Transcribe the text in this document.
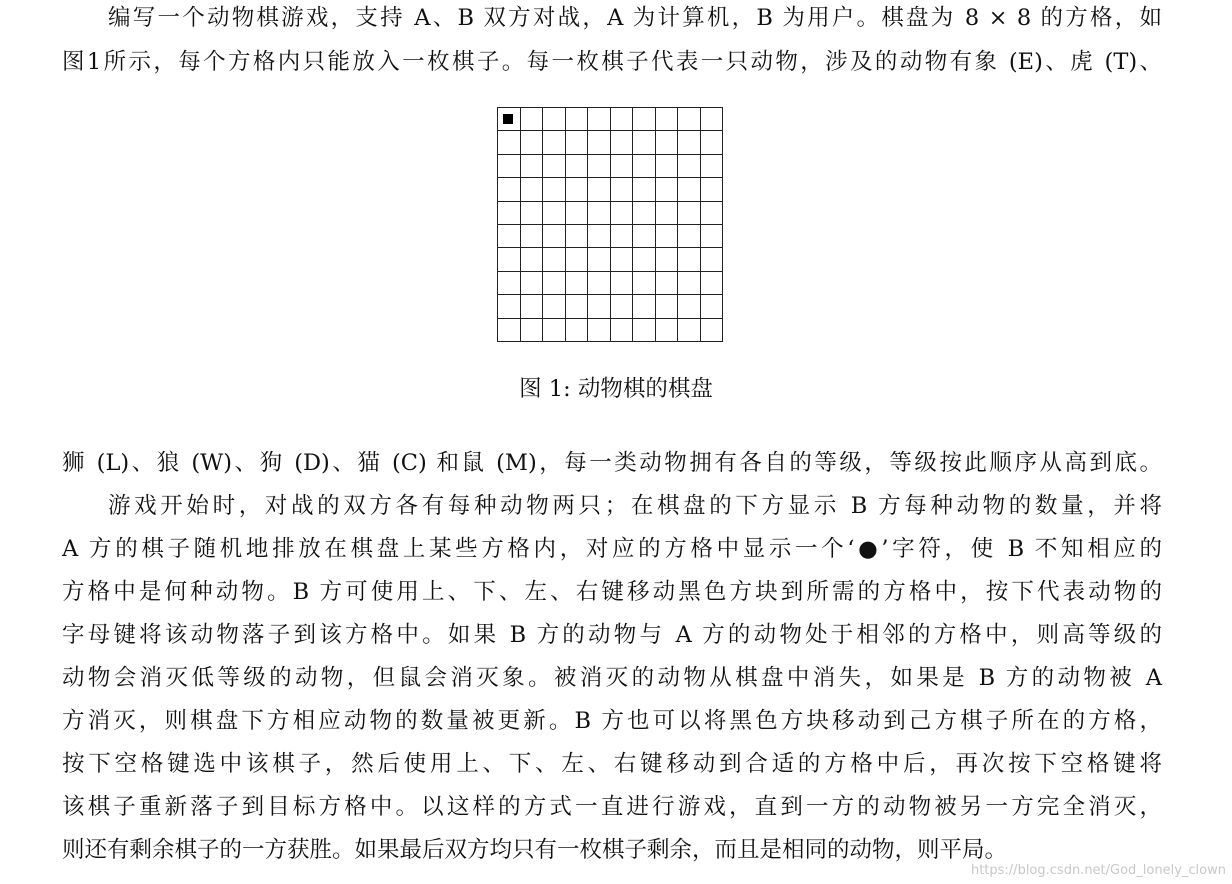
编写一个动物棋游戏，支持 A、B 双方对战，A 为计算机，B 为用户。棋盘为 8 × 8 的方格，如
图1所示，每个方格内只能放入一枚棋子。每一枚棋子代表一只动物，涉及的动物有象 (E)、虎 (T)、
图 1: 动物棋的棋盘
狮 (L)、狼 (W)、狗 (D)、猫 (C) 和鼠 (M)，每一类动物拥有各自的等级，等级按此顺序从高到底。
游戏开始时，对战的双方各有每种动物两只；在棋盘的下方显示 B 方每种动物的数量，并将
A 方的棋子随机地排放在棋盘上某些方格内，对应的方格中显示一个‘●’字符，使 B 不知相应的
方格中是何种动物。B 方可使用上、下、左、右键移动黑色方块到所需的方格中，按下代表动物的
字母键将该动物落子到该方格中。如果 B 方的动物与 A 方的动物处于相邻的方格中，则高等级的
动物会消灭低等级的动物，但鼠会消灭象。被消灭的动物从棋盘中消失，如果是 B 方的动物被 A
方消灭，则棋盘下方相应动物的数量被更新。B 方也可以将黑色方块移动到己方棋子所在的方格，
按下空格键选中该棋子，然后使用上、下、左、右键移动到合适的方格中后，再次按下空格键将
该棋子重新落子到目标方格中。以这样的方式一直进行游戏，直到一方的动物被另一方完全消灭，
则还有剩余棋子的一方获胜。如果最后双方均只有一枚棋子剩余，而且是相同的动物，则平局。
https://blog.csdn.net/God_lonely_clown
